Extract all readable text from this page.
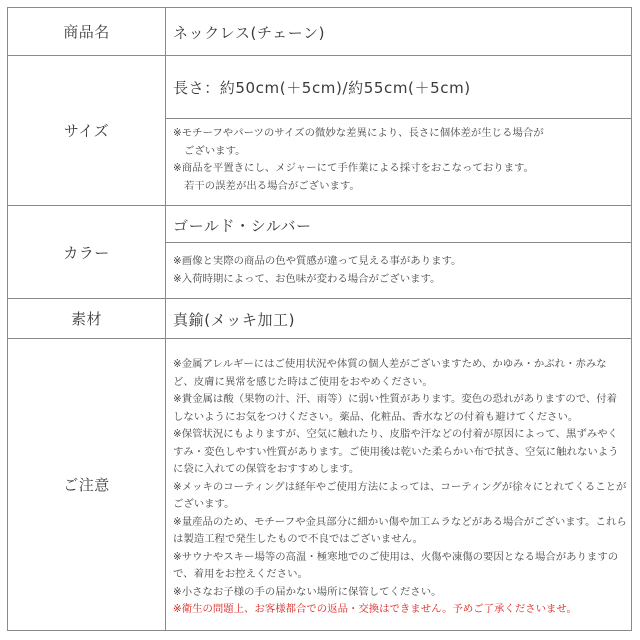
商品名	ネックレス(チェーン)
サイズ
長さ：約50cm(＋5cm)/約55cm(＋5cm)

※モチーフやパーツのサイズの微妙な差異により、長さに個体差が生じる場合が

ございます。

※商品を平置きにし、メジャーにて手作業による採寸をおこなっております。

若干の誤差が出る場合がございます。

カラー
ゴールド・シルバー

※画像と実際の商品の色や質感が違って見える事があります。

※入荷時期によって、お色味が変わる場合がございます。

素材	真鍮(メッキ加工)
ご注意

※金属アレルギーにはご使用状況や体質の個人差がございますため、かゆみ・かぶれ・赤みな

ど、皮膚に異常を感じた時はご使用をおやめください。

※貴金属は酸（果物の汁、汗、雨等）に弱い性質があります。変色の恐れがありますので、付着

しないようにお気をつけください。薬品、化粧品、香水などの付着も避けてください。

※保管状況にもよりますが、空気に触れたり、皮脂や汗などの付着が原因によって、黒ずみやく

すみ・変色しやすい性質があります。ご使用後は乾いた柔らかい布で拭き、空気に触れないよう

に袋に入れての保管をおすすめします。

※メッキのコーティングは経年やご使用方法によっては、コーティングが徐々にとれてくることが

ございます。

※量産品のため、モチーフや金具部分に細かい傷や加工ムラなどがある場合がございます。これら

は製造工程で発生したもので不良ではございません。

※サウナやスキー場等の高温・極寒地でのご使用は、火傷や凍傷の要因となる場合がありますの

で、着用をお控えください。

※小さなお子様の手の届かない場所に保管してください。

※衛生の問題上、お客様都合での返品・交換はできません。予めご了承くださいませ。
